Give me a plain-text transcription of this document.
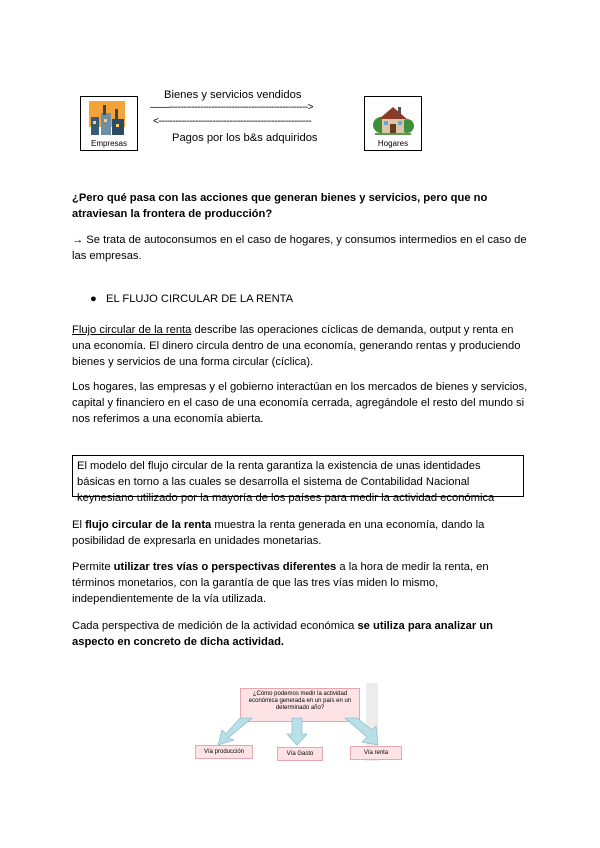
Empresas
Bienes y servicios vendidos
——------------------------------------------------->
<------------------------------------------------------
Pagos por los b&s adquiridos	Hogares
¿Pero qué pasa con las acciones que generan bienes y servicios, pero que no atraviesan la frontera de producción?
→ Se trata de autoconsumos en el caso de hogares, y consumos intermedios en el caso de las empresas.
● EL FLUJO CIRCULAR DE LA RENTA
Flujo circular de la renta describe las operaciones cíclicas de demanda, output y renta en una economía. El dinero circula dentro de una economía, generando rentas y produciendo bienes y servicios de una forma circular (cíclica).
Los hogares, las empresas y el gobierno interactúan en los mercados de bienes y servicios, capital y financiero en el caso de una economía cerrada, agregándole el resto del mundo si nos referimos a una economía abierta.
El modelo del flujo circular de la renta garantiza la existencia de unas identidades básicas en torno a las cuales se desarrolla el sistema de Contabilidad Nacional keynesiano utilizado por la mayoría de los países para medir la actividad económica
El flujo circular de la renta muestra la renta generada en una economía, dando la posibilidad de expresarla en unidades monetarias.
Permite utilizar tres vías o perspectivas diferentes a la hora de medir la renta, en términos monetarios, con la garantía de que las tres vías miden lo mismo, independientemente de la vía utilizada.
Cada perspectiva de medición de la actividad económica se utiliza para analizar un aspecto en concreto de dicha actividad.
¿Cómo podemos medir la actividad económica generada en un país en un determinado año?
Vía producción	Vía Gasto	Vía renta
